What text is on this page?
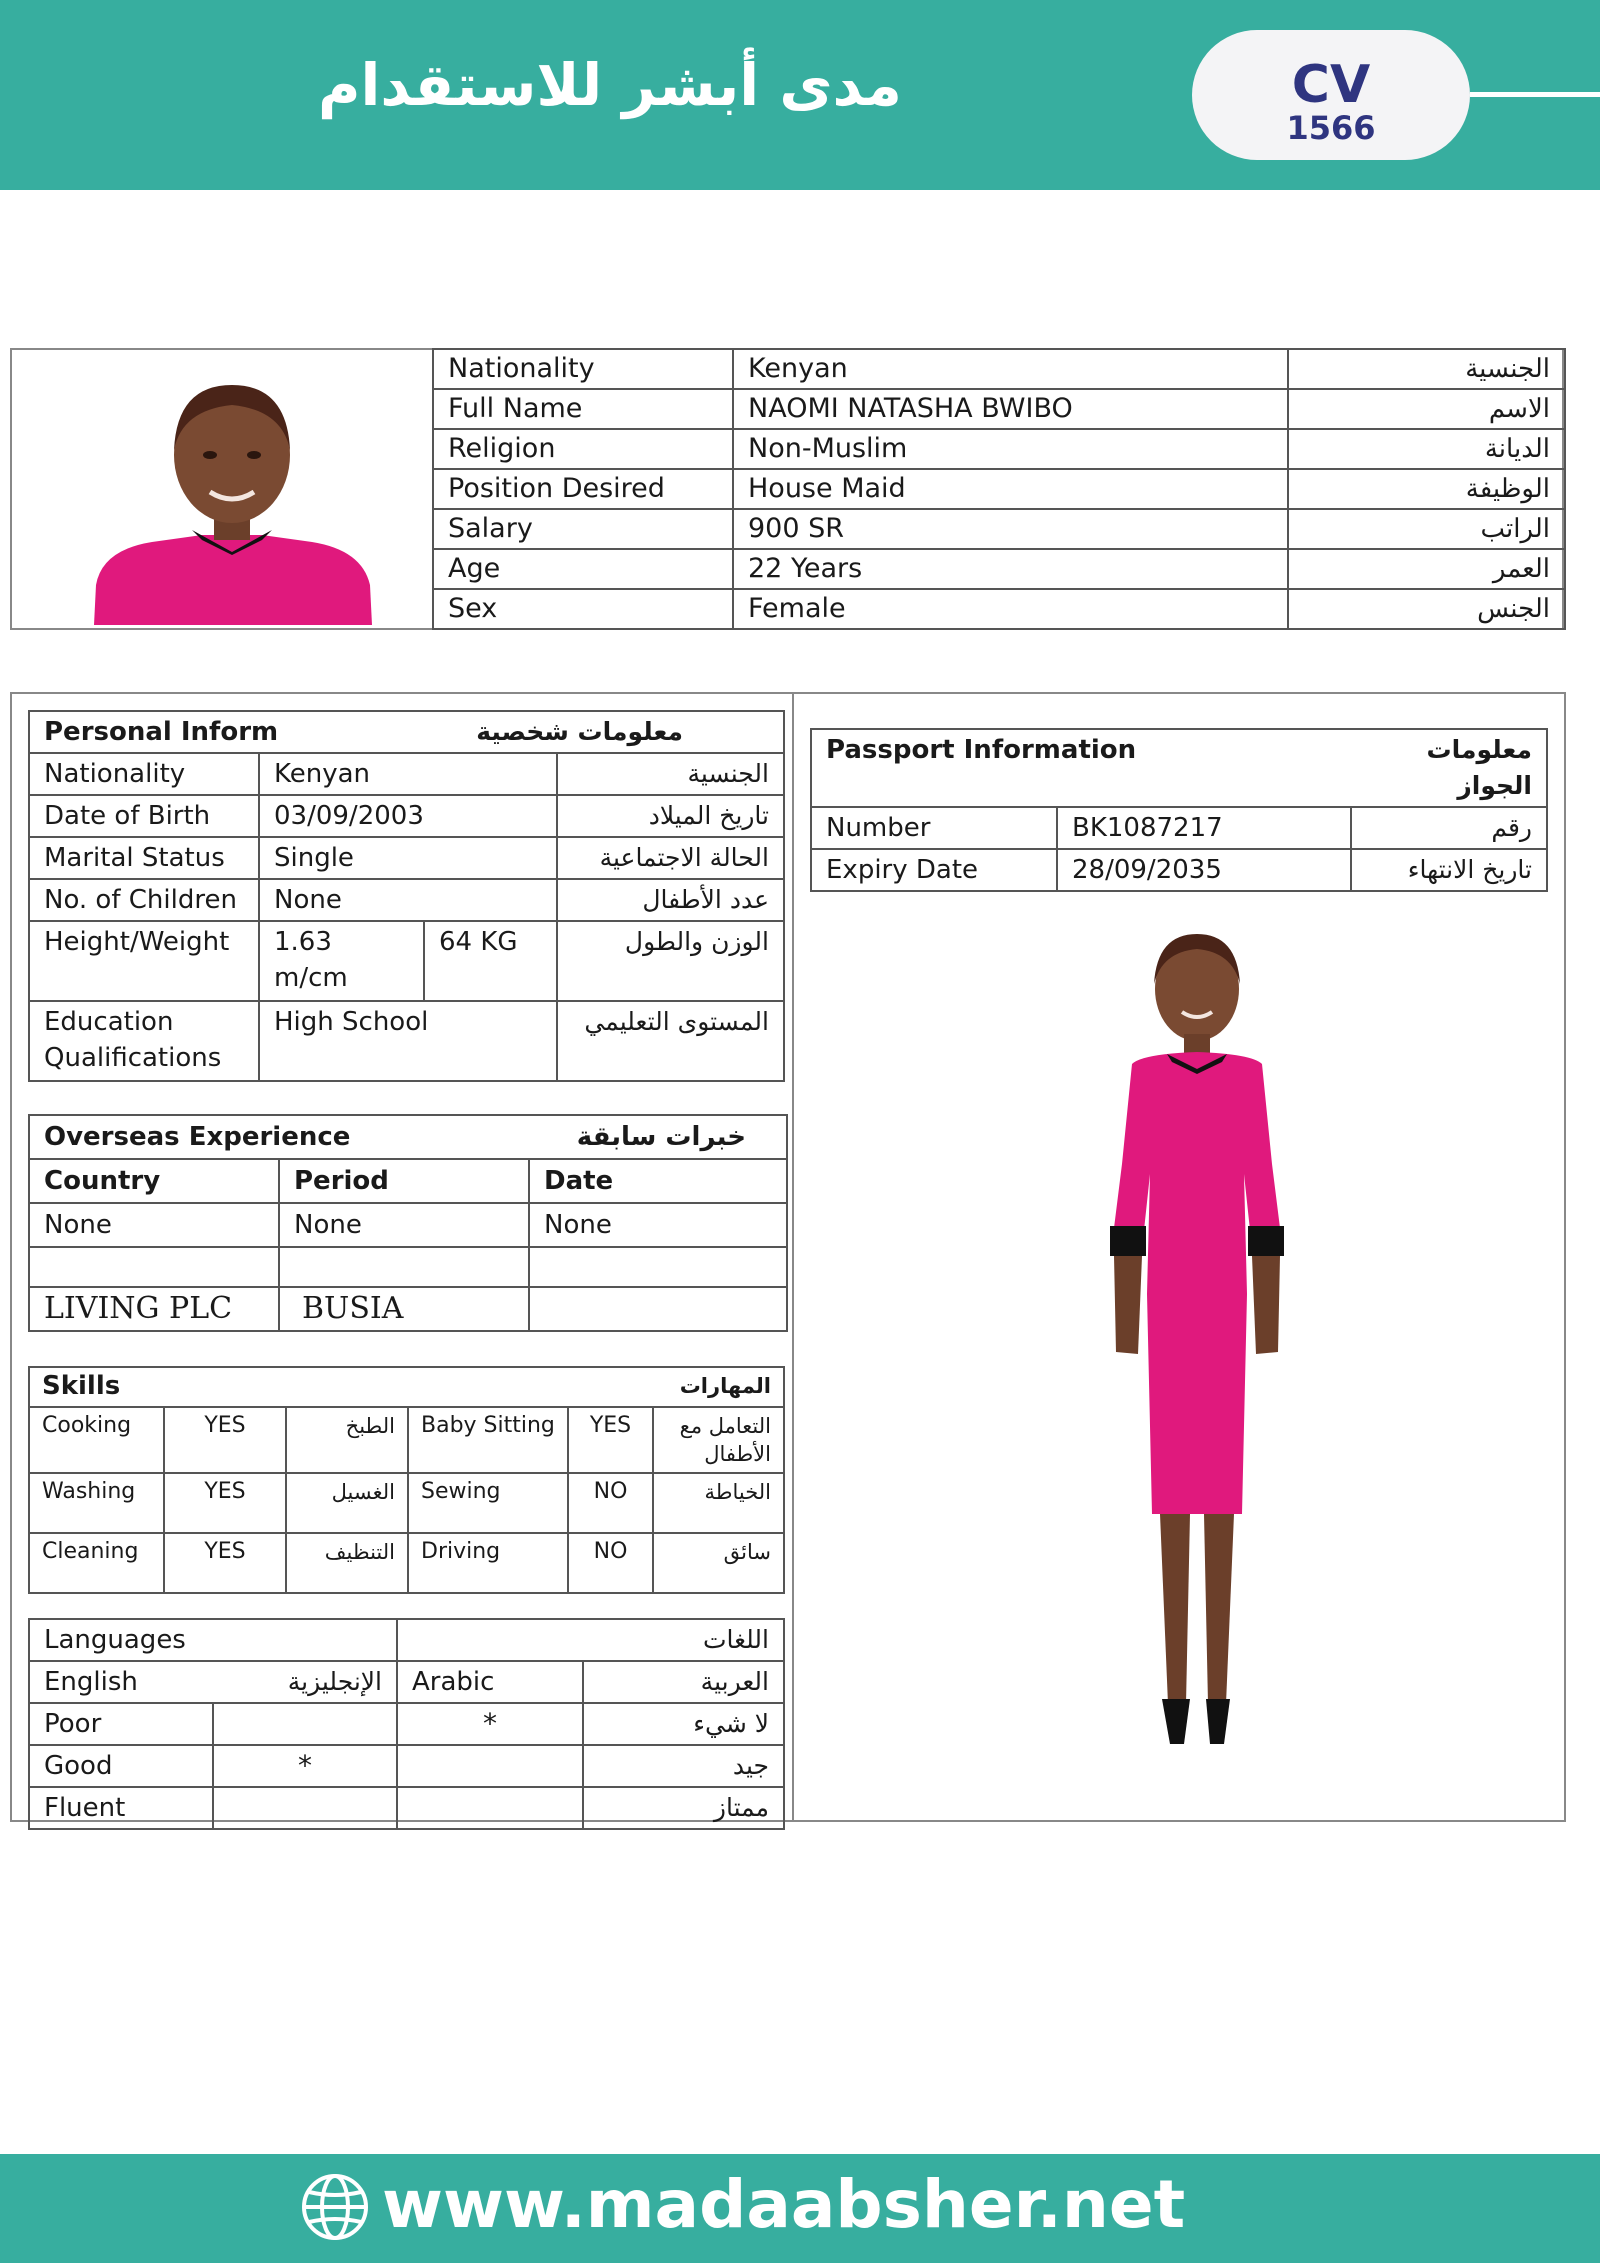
مدى أبشر للاستقدام	CV
1566
Nationality	Kenyan	الجنسية
Full Name	NAOMI NATASHA BWIBO	الاسم
Religion	Non-Muslim	الديانة
Position Desired	House Maid	الوظيفة
Salary	900 SR	الراتب
Age	22 Years	العمر
Sex	Female	الجنس
Personal Inform		معلومات شخصية	
Nationality	Kenyan		الجنسية
Date of Birth	03/09/2003		تاريخ الميلاد
Marital Status	Single		الحالة الاجتماعية
No. of Children	None		عدد الأطفال
Height/Weight	1.63 m/cm	64 KG	الوزن والطول
Education Qualifications	High School		المستوى التعليمي
Overseas Experience		خبرات سابقة
Country	Period	Date
None	None	None

LIVING PLC	BUSIA	
Skills			المهارات		
Cooking	YES	الطبخ	Baby Sitting	YES	التعامل مع الأطفال
Washing	YES	الغسيل	Sewing	NO	الخياطة
Cleaning	YES	التنظيف	Driving	NO	سائق
Languages		اللغات	
English	الإنجليزية	Arabic	العربية
Poor		*	لا شيء
Good	*		جيد
Fluent			ممتاز
Passport Information		معلومات الجواز
Number	BK1087217	رقم
Expiry Date	28/09/2035	تاريخ الانتهاء
www.madaabsher.net
